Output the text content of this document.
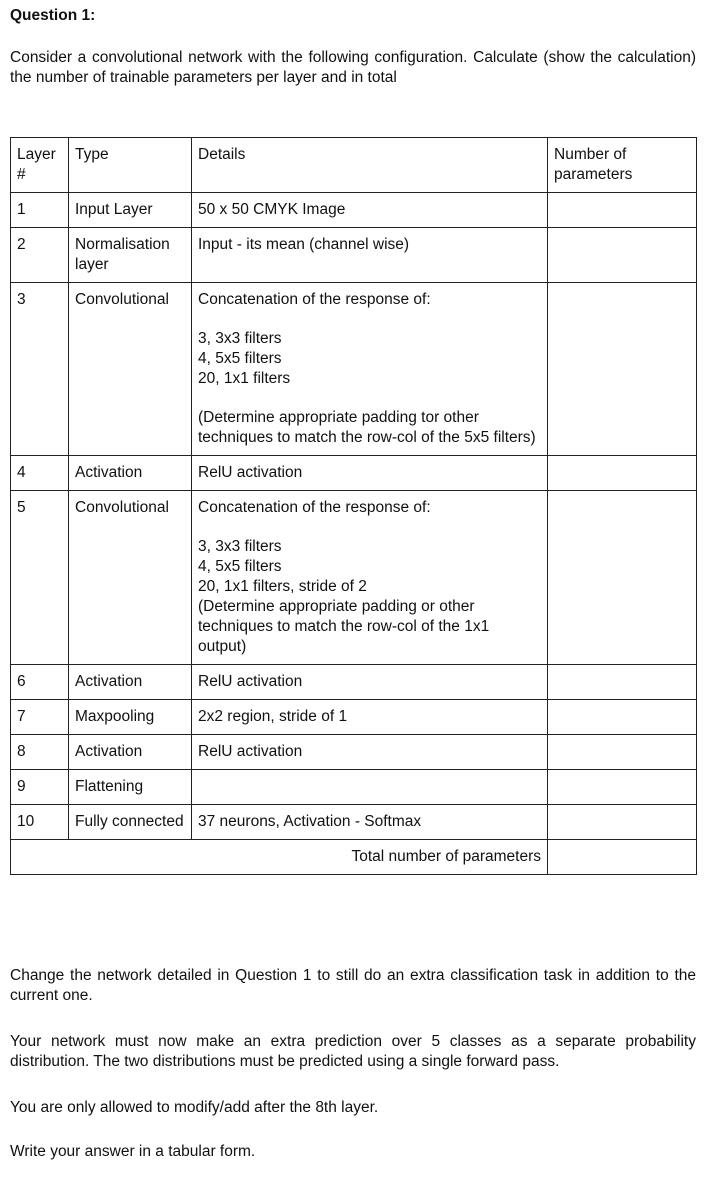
Question 1:
Consider a convolutional network with the following configuration. Calculate (show the calculation) the number of trainable parameters per layer and in total
Layer #	Type	Details	Number of parameters
1	Input Layer	50 x 50 CMYK Image	

2	Normalisation layer	Input - its mean (channel wise)	

3	Convolutional	Concatenation of the response of:
3, 3x3 filters
4, 5x5 filters
20, 1x1 filters
(Determine appropriate padding tor other techniques to match the row-col of the 5x5 filters)	

4	Activation	RelU activation	

5	Convolutional	Concatenation of the response of:
3, 3x3 filters
4, 5x5 filters
20, 1x1 filters, stride of 2
(Determine appropriate padding or other techniques to match the row-col of the 1x1 output)	

6	Activation	RelU activation	

7	Maxpooling	2x2 region, stride of 1	

8	Activation	RelU activation	

9	Flattening		
10	Fully connected	37 neurons, Activation - Softmax	

Total number of parameters			
Change the network detailed in Question 1 to still do an extra classification task in addition to the current one.
Your network must now make an extra prediction over 5 classes as a separate probability distribution. The two distributions must be predicted using a single forward pass.
You are only allowed to modify/add after the 8th layer.
Write your answer in a tabular form.
